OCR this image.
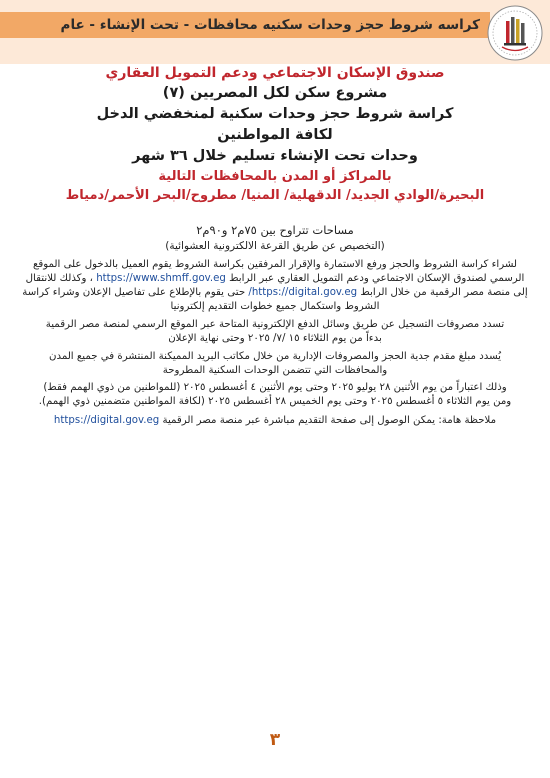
كراسه شروط حجز وحدات سكنيه محافظات - تحت الإنشاء - عام
صندوق الإسكان الاجتماعي ودعم التمويل العقاري
مشروع سكن لكل المصريين (٧)
كراسة شروط حجز وحدات سكنية لمنخفضي الدخل
لكافة المواطنين
وحدات تحت الإنشاء تسليم خلال ٣٦ شهر
بالمراكز أو المدن بالمحافظات التالية
البحيرة/الوادي الجديد/ الدقهلية/ المنيا/ مطروح/البحر الأحمر/دمياط
مساحات تتراوح بين ٧٥م٢ و٩٠م٢
(التخصيص عن طريق القرعة الالكترونية العشوائية)
لشراء كراسة الشروط والحجز ورفع الاستمارة والإقرار المرفقين بكراسة الشروط يقوم العميل بالدخول على الموقع
الرسمي لصندوق الإسكان الاجتماعي ودعم التمويل العقاري عبر الرابط https://www.shmff.gov.eg ، وكذلك للانتقال
إلى منصة مصر الرقمية من خلال الرابط https://digital.gov.eg/ حتى يقوم بالإطلاع على تفاصيل الإعلان وشراء كراسة
الشروط واستكمال جميع خطوات التقديم إلكترونيا
تسدد مصروفات التسجيل عن طريق وسائل الدفع الإلكترونية المتاحة عبر الموقع الرسمي لمنصة مصر الرقمية
بدءاً من يوم الثلاثاء ١٥ /٧/ ٢٠٢٥ وحتى نهاية الإعلان
يُسدد مبلغ مقدم جدية الحجز والمصروفات الإدارية من خلال مكاتب البريد المميكنة المنتشرة في جميع المدن
والمحافظات التي تتضمن الوحدات السكنية المطروحة
وذلك اعتباراً من يوم الأثنين ٢٨ يوليو ٢٠٢٥ وحتى يوم الأثنين ٤ أغسطس ٢٠٢٥ (للمواطنين من ذوي الهمم فقط)
ومن يوم الثلاثاء ٥ أغسطس ٢٠٢٥ وحتى يوم الخميس ٢٨ أغسطس ٢٠٢٥ (لكافة المواطنين متضمنين ذوي الهمم).
ملاحظة هامة: يمكن الوصول إلى صفحة التقديم مباشرة عبر منصة مصر الرقمية https://digital.gov.eg
٣
